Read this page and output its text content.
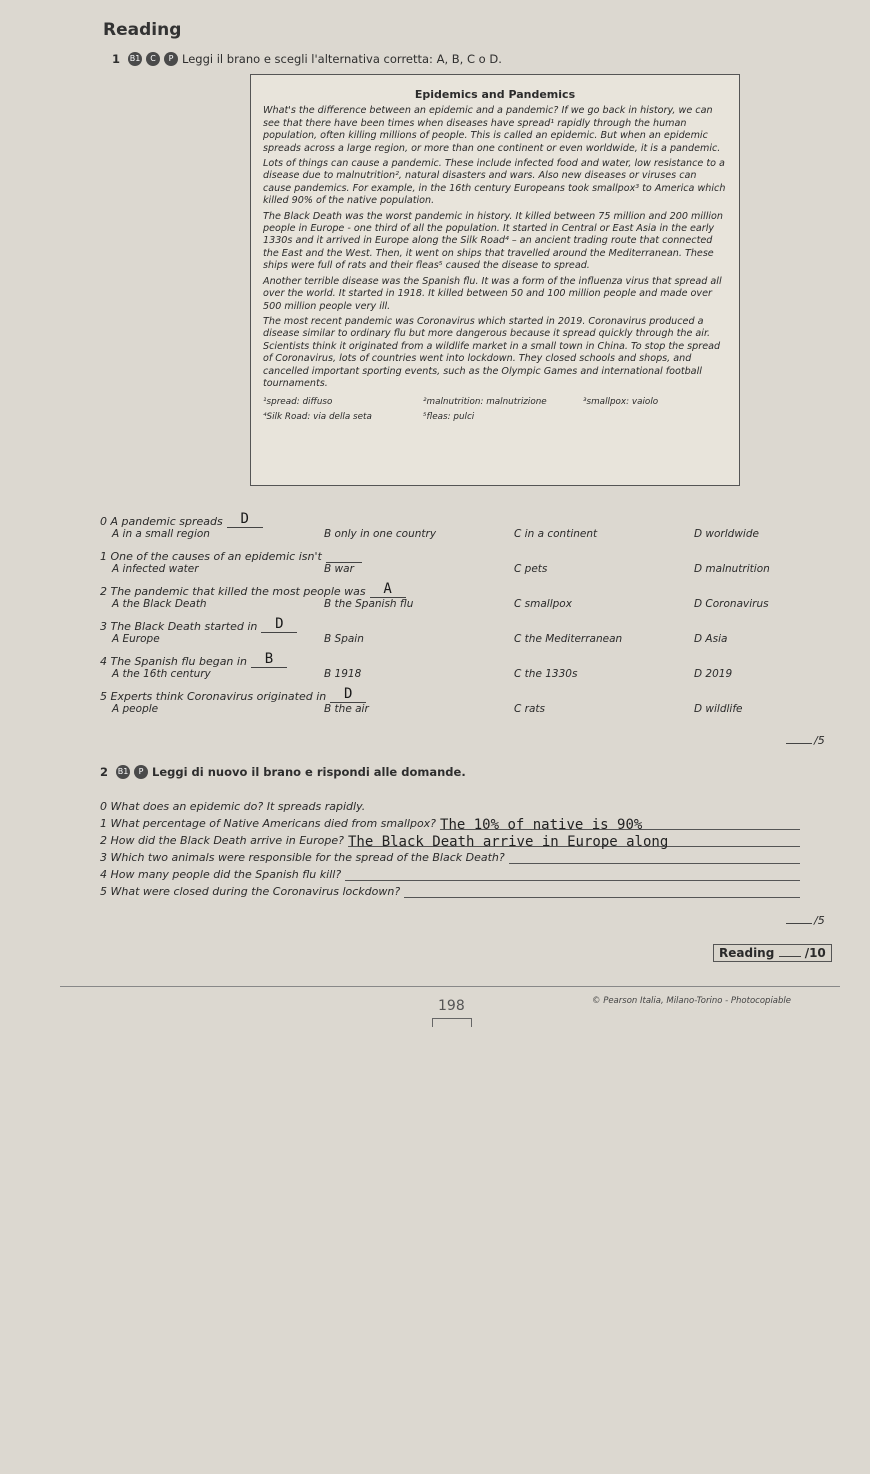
Reading
1	B1	C	P Leggi il brano e scegli l'alternativa corretta: A, B, C o D.
Epidemics and Pandemics

What's the difference between an epidemic and a pandemic? If we go back in history, we can see that there have been times when diseases have spread¹ rapidly through the human population, often killing millions of people. This is called an epidemic. But when an epidemic spreads across a large region, or more than one continent or even worldwide, it is a pandemic.

Lots of things can cause a pandemic. These include infected food and water, low resistance to a disease due to malnutrition², natural disasters and wars. Also new diseases or viruses can cause pandemics. For example, in the 16th century Europeans took smallpox³ to America which killed 90% of the native population.

The Black Death was the worst pandemic in history. It killed between 75 million and 200 million people in Europe - one third of all the population. It started in Central or East Asia in the early 1330s and it arrived in Europe along the Silk Road⁴ – an ancient trading route that connected the East and the West. Then, it went on ships that travelled around the Mediterranean. These ships were full of rats and their fleas⁵ caused the disease to spread.

Another terrible disease was the Spanish flu. It was a form of the influenza virus that spread all over the world. It started in 1918. It killed between 50 and 100 million people and made over 500 million people very ill.

The most recent pandemic was Coronavirus which started in 2019. Coronavirus produced a disease similar to ordinary flu but more dangerous because it spread quickly through the air. Scientists think it originated from a wildlife market in a small town in China. To stop the spread of Coronavirus, lots of countries went into lockdown. They closed schools and shops, and cancelled important sporting events, such as the Olympic Games and international football tournaments.

¹spread: diffuso	²malnutrition: malnutrizione	³smallpox: vaiolo
⁴Silk Road: via della seta	⁵fleas: pulci
0 A pandemic spreads	D
A in a small region	B only in one country	C in a continent	D worldwide
1 One of the causes of an epidemic isn't
A infected water	B war	C pets	D malnutrition
2 The pandemic that killed the most people was	A
A the Black Death	B the Spanish flu	C smallpox	D Coronavirus
3 The Black Death started in	D
A Europe	B Spain	C the Mediterranean	D Asia
4 The Spanish flu began in	B
A the 16th century	B 1918	C the 1330s	D 2019
5 Experts think Coronavirus originated in	D
A people	B the air	C rats	D wildlife
/5
2	B1	P Leggi di nuovo il brano e rispondi alle domande.
0 What does an epidemic do? It spreads rapidly.
1 What percentage of Native Americans died from smallpox? The 10% of native is 90%
2 How did the Black Death arrive in Europe? The Black Death arrive in Europe along
3 Which two animals were responsible for the spread of the Black Death?
4 How many people did the Spanish flu kill?
5 What were closed during the Coronavirus lockdown?
/5
Reading	/10
© Pearson Italia, Milano-Torino - Photocopiable
198
